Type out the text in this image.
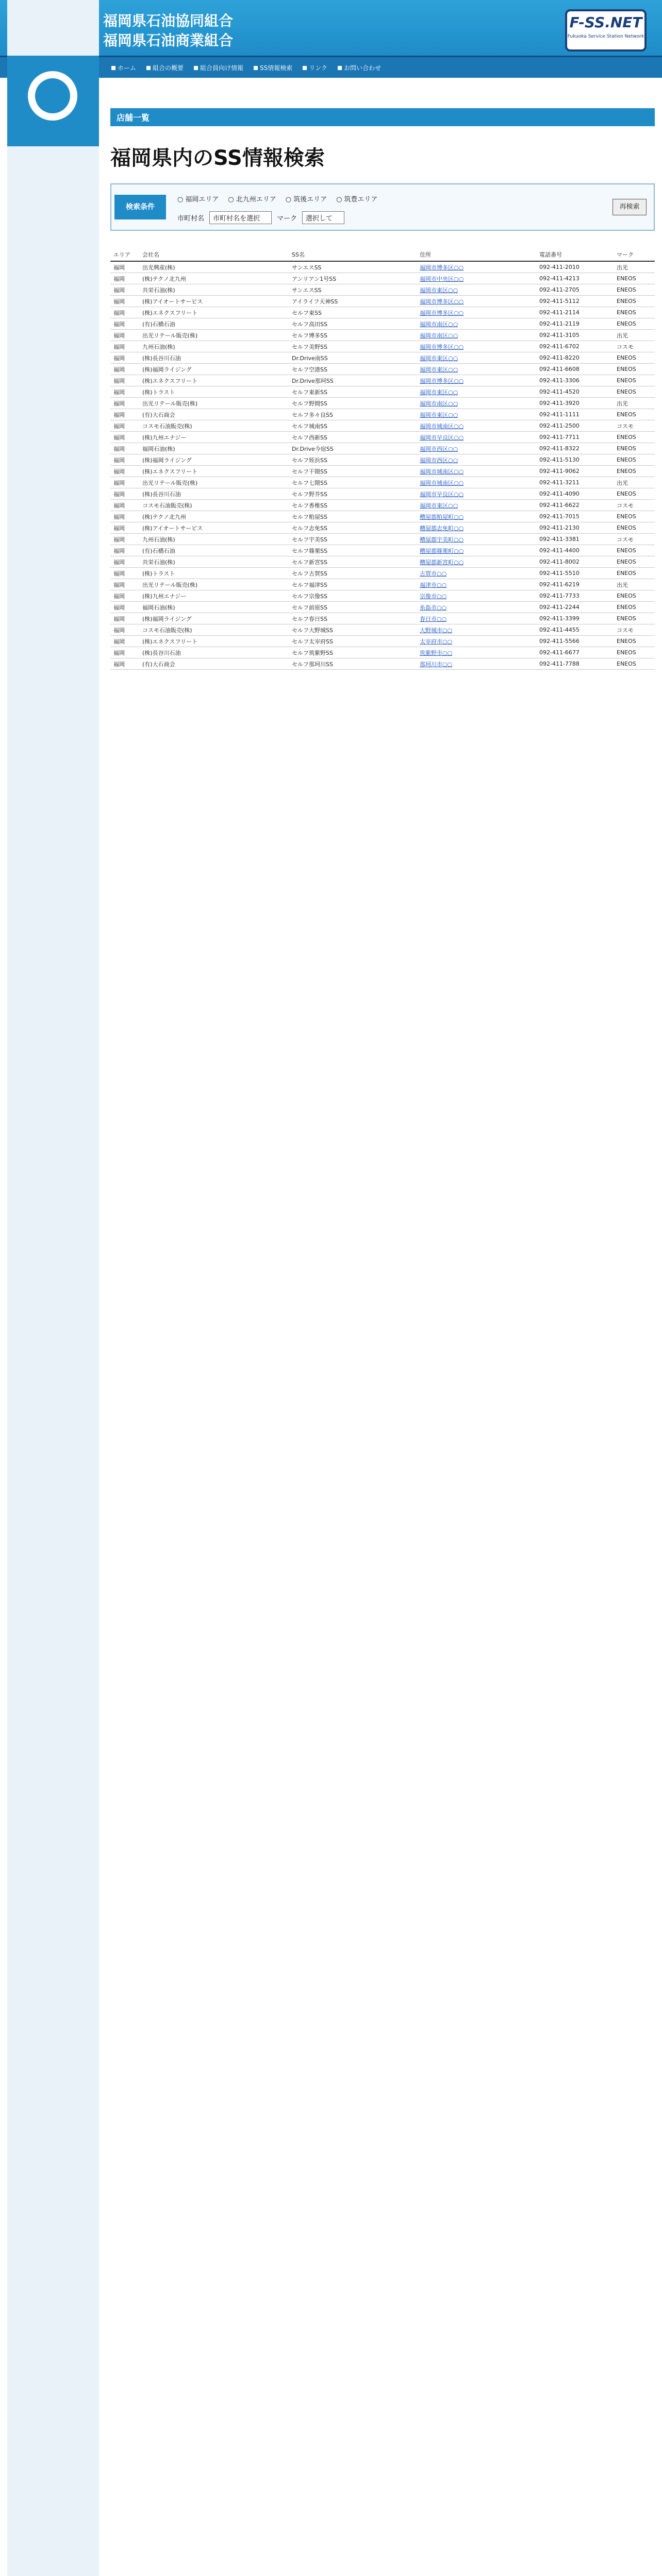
福岡県石油協同組合
福岡県石油商業組合
F-SS.NET
Fukuoka Service Station Network
ホーム	組合の概要	組合員向け情報	SS情報検索	リンク	お問い合わせ
店舗一覧
福岡県内のSS情報検索
検索条件
○ 福岡エリア	○ 北九州エリア	○ 筑後エリア	○ 筑豊エリア
市町村名	市町村名を選択	マーク	選択して
再検索
エリア	会社名	SS名	住所	電話番号	マーク
福岡	出光興産(株)	サンエスSS	福岡市博多区○○	092-411-2010	出光
福岡	(株)テクノ北九州	アンリアン1号SS	福岡市中央区○○	092-411-4213	ENEOS
福岡	共栄石油(株)	サンエスSS	福岡市東区○○	092-411-2705	ENEOS
福岡	(株)アイオートサービス	アイライフ天神SS	福岡市博多区○○	092-411-5112	ENEOS
福岡	(株)エネクスフリート	セルフ東SS	福岡市博多区○○	092-411-2114	ENEOS
福岡	(有)石橋石油	セルフ高田SS	福岡市南区○○	092-411-2119	ENEOS
福岡	出光リテール販売(株)	セルフ博多SS	福岡市南区○○	092-411-3105	出光
福岡	九州石油(株)	セルフ美野SS	福岡市博多区○○	092-411-6702	コスモ
福岡	(株)長谷川石油	Dr.Drive南SS	福岡市東区○○	092-411-8220	ENEOS
福岡	(株)福岡ライジング	セルフ空港SS	福岡市東区○○	092-411-6608	ENEOS
福岡	(株)エネクスフリート	Dr.Drive那珂SS	福岡市博多区○○	092-411-3306	ENEOS
福岡	(株)トラスト	セルフ東新SS	福岡市東区○○	092-411-4520	ENEOS
福岡	出光リテール販売(株)	セルフ野間SS	福岡市南区○○	092-411-3920	出光
福岡	(有)大石商会	セルフ多々良SS	福岡市東区○○	092-411-1111	ENEOS
福岡	コスモ石油販売(株)	セルフ城南SS	福岡市城南区○○	092-411-2500	コスモ
福岡	(株)九州エナジー	セルフ西新SS	福岡市早良区○○	092-411-7711	ENEOS
福岡	福岡石油(株)	Dr.Drive今宿SS	福岡市西区○○	092-411-8322	ENEOS
福岡	(株)福岡ライジング	セルフ姪浜SS	福岡市西区○○	092-411-5130	ENEOS
福岡	(株)エネクスフリート	セルフ干隈SS	福岡市城南区○○	092-411-9062	ENEOS
福岡	出光リテール販売(株)	セルフ七隈SS	福岡市城南区○○	092-411-3211	出光
福岡	(株)長谷川石油	セルフ野芥SS	福岡市早良区○○	092-411-4090	ENEOS
福岡	コスモ石油販売(株)	セルフ香椎SS	福岡市東区○○	092-411-6622	コスモ
福岡	(株)テクノ北九州	セルフ粕屋SS	糟屋郡粕屋町○○	092-411-7015	ENEOS
福岡	(株)アイオートサービス	セルフ志免SS	糟屋郡志免町○○	092-411-2130	ENEOS
福岡	九州石油(株)	セルフ宇美SS	糟屋郡宇美町○○	092-411-3381	コスモ
福岡	(有)石橋石油	セルフ篠栗SS	糟屋郡篠栗町○○	092-411-4400	ENEOS
福岡	共栄石油(株)	セルフ新宮SS	糟屋郡新宮町○○	092-411-8002	ENEOS
福岡	(株)トラスト	セルフ古賀SS	古賀市○○	092-411-5510	ENEOS
福岡	出光リテール販売(株)	セルフ福津SS	福津市○○	092-411-6219	出光
福岡	(株)九州エナジー	セルフ宗像SS	宗像市○○	092-411-7733	ENEOS
福岡	福岡石油(株)	セルフ前原SS	糸島市○○	092-411-2244	ENEOS
福岡	(株)福岡ライジング	セルフ春日SS	春日市○○	092-411-3399	ENEOS
福岡	コスモ石油販売(株)	セルフ大野城SS	大野城市○○	092-411-4455	コスモ
福岡	(株)エネクスフリート	セルフ太宰府SS	太宰府市○○	092-411-5566	ENEOS
福岡	(株)長谷川石油	セルフ筑紫野SS	筑紫野市○○	092-411-6677	ENEOS
福岡	(有)大石商会	セルフ那珂川SS	那珂川市○○	092-411-7788	ENEOS
